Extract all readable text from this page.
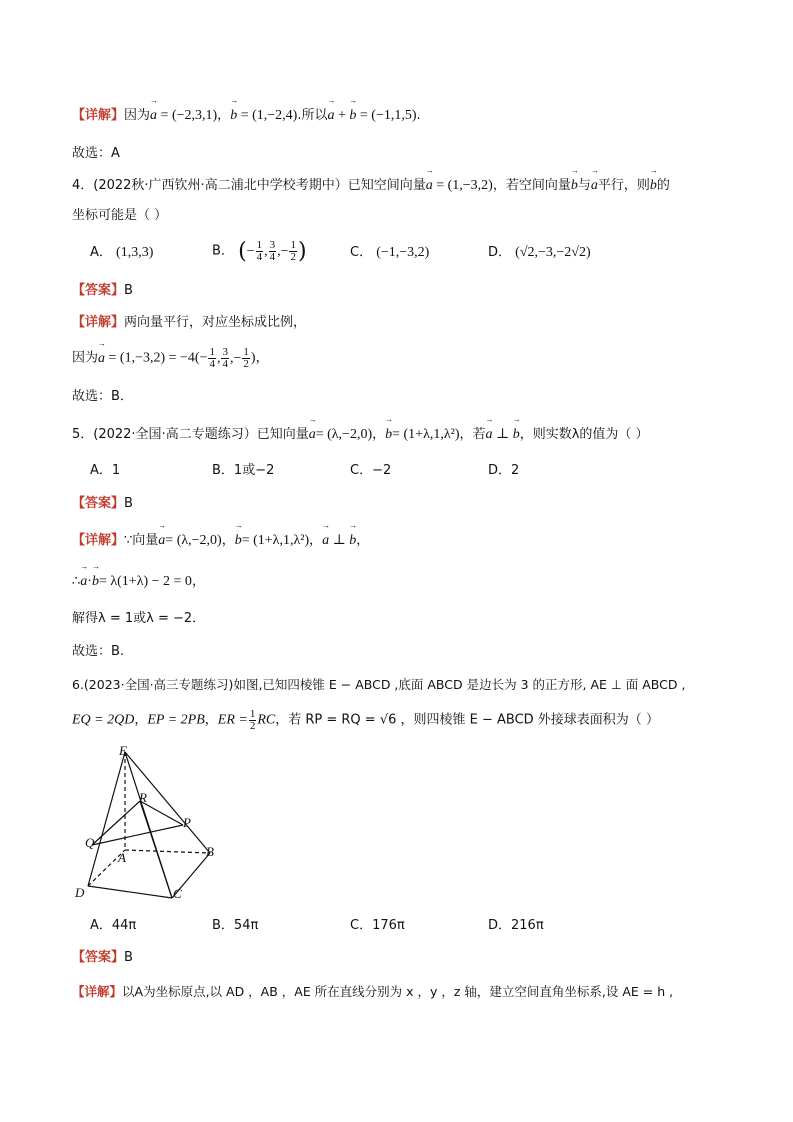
【详解】因为→ a = (−2,3,1)，→ b = (1,−2,4).所以→ a + → b = (−1,1,5).
故选：A
4．(2022秋·广西钦州·高二浦北中学校考期中）已知空间向量→ a = (1,−3,2)，若空间向量→ b与→ a平行，则→ b的
坐标可能是（ ）
A． (1,3,3)	B． (− $\frac{1}{4}$ , $\frac{3}{4}$ ,− $\frac{1}{2}$ )	C． (−1,−3,2)	D． (√2,−3,−2√2)
【答案】B
【详解】两向量平行，对应坐标成比例，
因为→ $a = (1,-3,2) = -4(- \frac{1}{4}$ , $\frac{3}{4}$ ,− $\frac{1}{2}$ )，
故选：B．
5．(2022·全国·高二专题练习）已知向量→ a= (λ,−2,0)，→ b= (1+λ,1,λ²)，若→ a ⊥ → b，则实数λ的值为（ ）
A．1	B．1或−2	C．−2	D．2
【答案】B
【详解】∵向量→ a= (λ,−2,0)，→ b= (1+λ,1,λ²)，→ a ⊥ → b，
∴→ a·→ b= λ(1+λ) − 2 = 0，
解得λ = 1或λ = −2．
故选：B.
6.(2023·全国·高三专题练习)如图,已知四棱锥 E − ABCD ,底面 ABCD 是边长为 3 的正方形, AE ⊥ 面 ABCD ,
EQ = 2QD，EP = 2PB，ER = $\frac{1}{2}$ RC，若 RP = RQ = √6 ，则四棱锥 E − ABCD 外接球表面积为（ ）
E
R
P
Q
A	B
D	C
A．44π	B．54π	C．176π	D．216π
【答案】B
【详解】以A为坐标原点,以 AD ，AB ，AE 所在直线分别为 x ，y ，z 轴，建立空间直角坐标系,设 AE = h ,
